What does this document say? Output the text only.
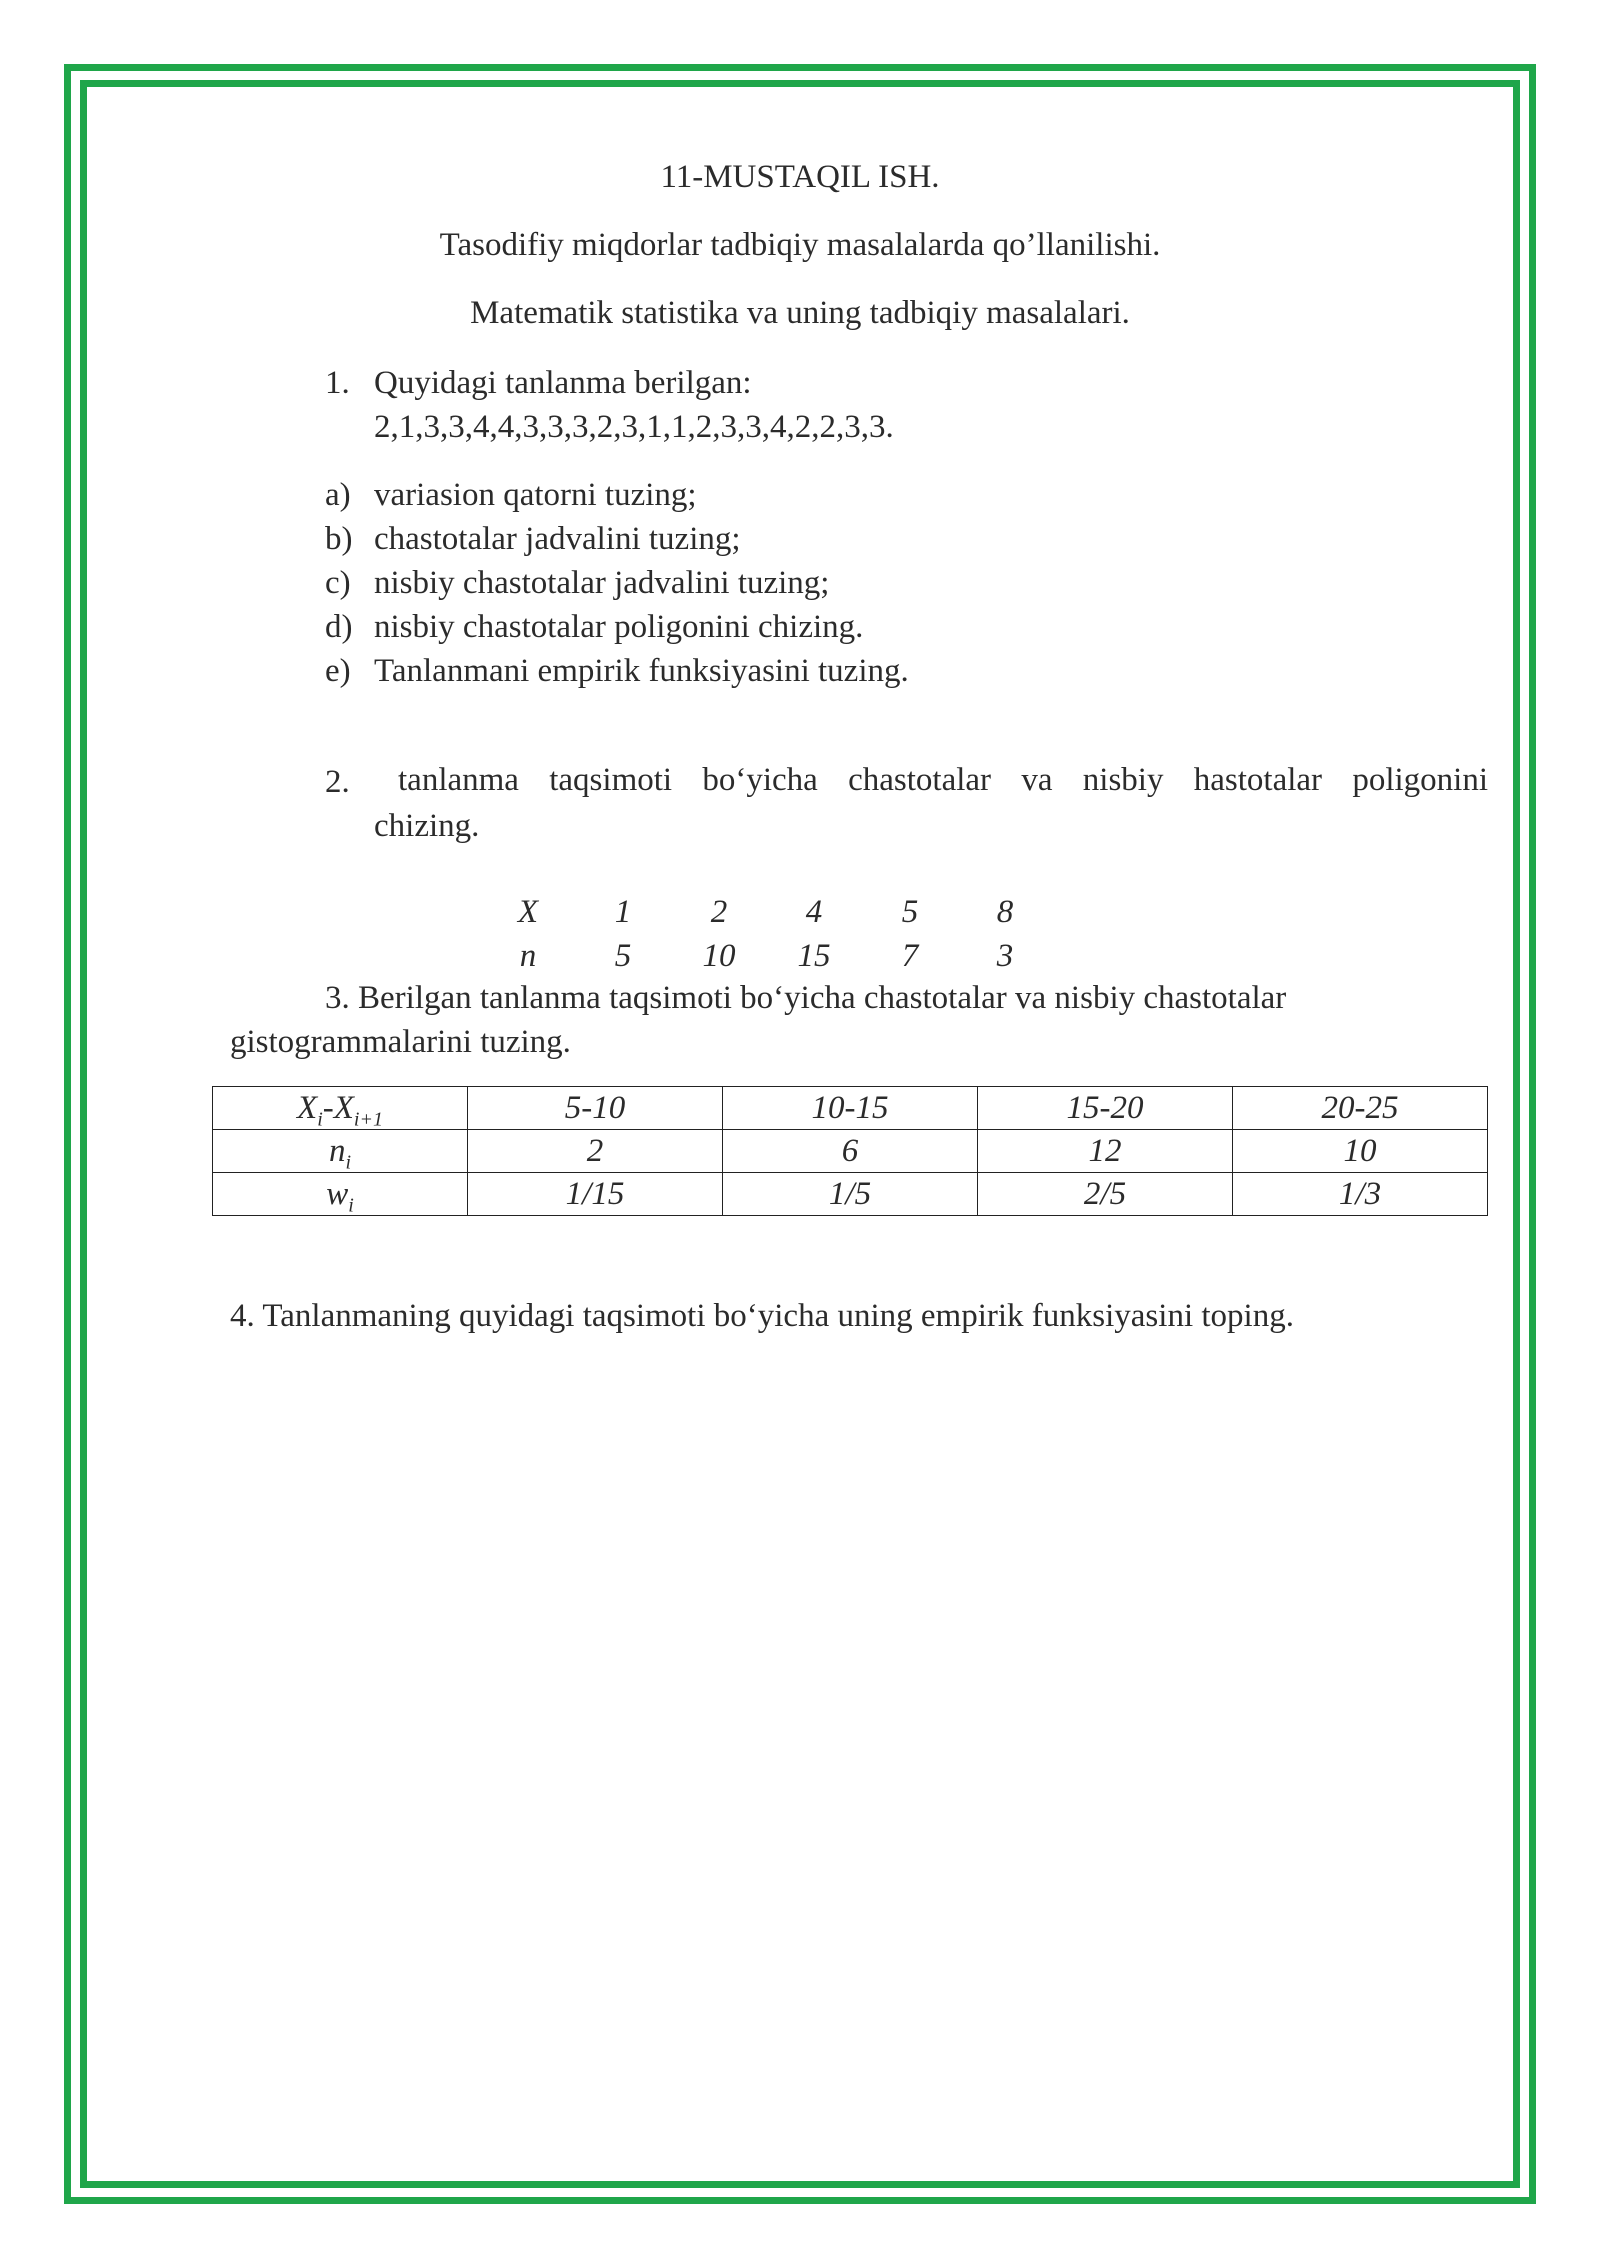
11-MUSTAQIL ISH.
Tasodifiy miqdorlar tadbiqiy masalalarda qo’llanilishi.
Matematik statistika va uning tadbiqiy masalalari.
1. Quyidagi tanlanma berilgan:
2,1,3,3,4,4,3,3,3,2,3,1,1,2,3,3,4,2,2,3,3.
a) variasion qatorni tuzing;
b) chastotalar jadvalini tuzing;
c) nisbiy chastotalar jadvalini tuzing;
d) nisbiy chastotalar poligonini chizing.
e) Tanlanmani empirik funksiyasini tuzing.
2. tanlanma taqsimoti bo‘yicha chastotalar va nisbiy hastotalar poligonini
chizing.
X	1	2	4	5	8
n	5	10	15	7	3
3. Berilgan tanlanma taqsimoti bo‘yicha chastotalar va nisbiy chastotalar
gistogrammalarini tuzing.
$X_i-X_{i+1}$	5-10	10-15	15-20	20-25
$n_i$	2	6	12	10
$w_i$	1/15	1/5	2/5	1/3
4. Tanlanmaning quyidagi taqsimoti bo‘yicha uning empirik funksiyasini toping.
